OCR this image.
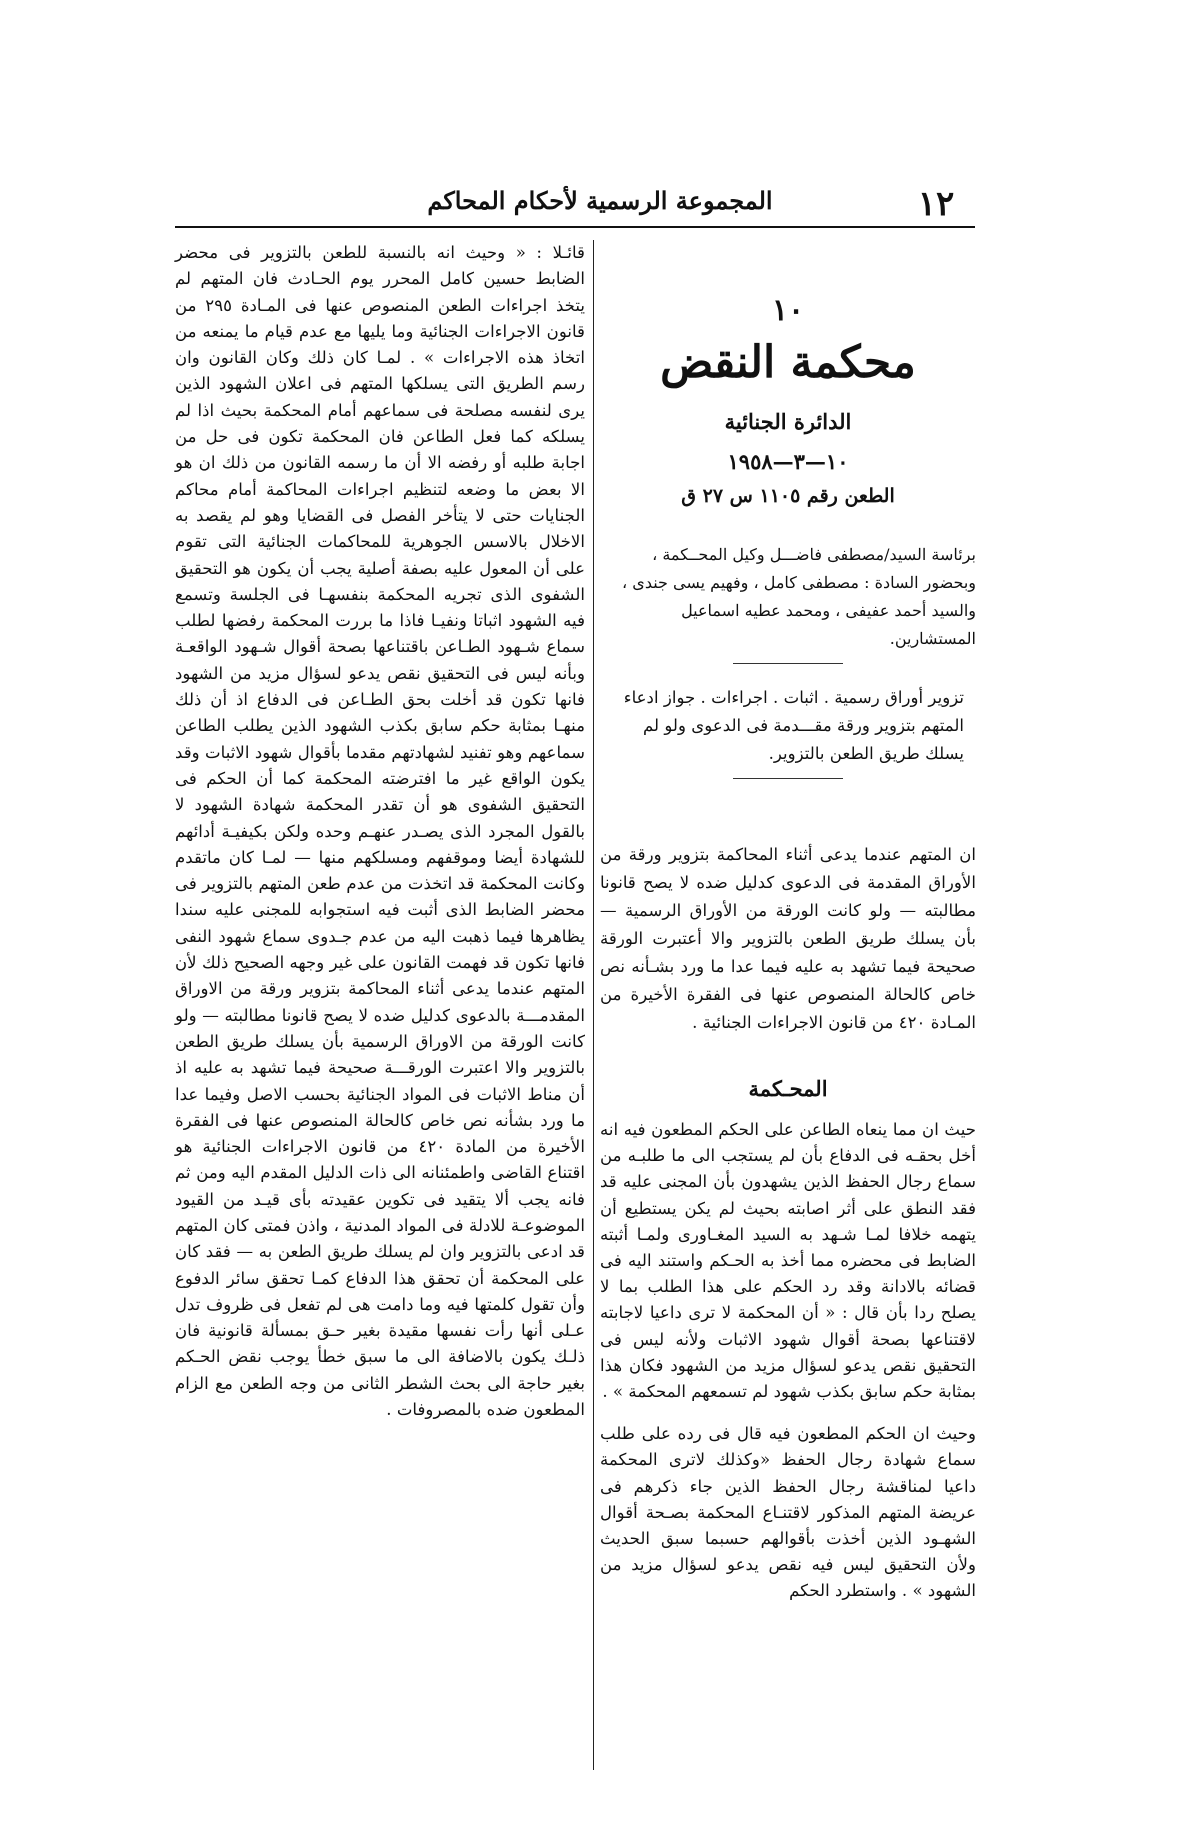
١٢
المجموعة الرسمية لأحكام المحاكم
١٠
محكمة النقض
الدائرة الجنائية
١٠—٣—١٩٥٨
الطعن رقم ١١٠٥ س ٢٧ ق
برئاسة السيد/مصطفى فاضـــل وكيل المحــكمة ، وبحضور السادة : مصطفى كامل ، وفهيم يسى جندى ، والسيد أحمد عفيفى ، ومحمد عطيه اسماعيل المستشارين.
تزوير أوراق رسمية . اثبات . اجراءات . جواز ادعاء المتهم بتزوير ورقة مقـــدمة فى الدعوى ولو لم يسلك طريق الطعن بالتزوير.
ان المتهم عندما يدعى أثناء المحاكمة بتزوير ورقة من الأوراق المقدمة فى الدعوى كدليل ضده لا يصح قانونا مطالبته — ولو كانت الورقة من الأوراق الرسمية — بأن يسلك طريق الطعن بالتزوير والا أعتبرت الورقة صحيحة فيما تشهد به عليه فيما عدا ما ورد بشـأنه نص خاص كالحالة المنصوص عنها فى الفقرة الأخيرة من المـادة ٤٢٠ من قانون الاجراءات الجنائية .
المحـكمة

حيث ان مما ينعاه الطاعن على الحكم المطعون فيه انه أخل بحقـه فى الدفاع بأن لم يستجب الى ما طلبـه من سماع رجال الحفظ الذين يشهدون بأن المجنى عليه قد فقد النطق على أثر اصابته بحيث لم يكن يستطيع أن يتهمه خلافا لمـا شـهد به السيد المغـاورى ولمـا أثبته الضابط فى محضره مما أخذ به الحـكم واستند اليه فى قضائه بالادانة وقد رد الحكم على هذا الطلب بما لا يصلح ردا بأن قال : « أن المحكمة لا ترى داعيا لاجابته لاقتناعها بصحة أقوال شهود الاثبات ولأنه ليس فى التحقيق نقص يدعو لسؤال مزيد من الشهود فكان هذا بمثابة حكم سابق بكذب شهود لم تسمعهم المحكمة » .

وحيث ان الحكم المطعون فيه قال فى رده على طلب سماع شهادة رجال الحفظ «وكذلك لاترى المحكمة داعيا لمناقشة رجال الحفظ الذين جاء ذكرهم فى عريضة المتهم المذكور لاقتنـاع المحكمة بصـحة أقوال الشهـود الذين أخذت بأقوالهم حسبما سبق الحديث ولأن التحقيق ليس فيه نقص يدعو لسؤال مزيد من الشهود » . واستطرد الحكم

قائـلا : « وحيث انه بالنسبة للطعن بالتزوير فى محضر الضابط حسين كامل المحرر يوم الحـادث فان المتهم لم يتخذ اجراءات الطعن المنصوص عنها فى المـادة ٢٩٥ من قانون الاجراءات الجنائية وما يليها مع عدم قيام ما يمنعه من اتخاذ هذه الاجراءات » . لمـا كان ذلك وكان القانون وان رسم الطريق التى يسلكها المتهم فى اعلان الشهود الذين يرى لنفسه مصلحة فى سماعهم أمام المحكمة بحيث اذا لم يسلكه كما فعل الطاعن فان المحكمة تكون فى حل من اجابة طلبه أو رفضه الا أن ما رسمه القانون من ذلك ان هو الا بعض ما وضعه لتنظيم اجراءات المحاكمة أمام محاكم الجنايات حتى لا يتأخر الفصل فى القضايا وهو لم يقصد به الاخلال بالاسس الجوهرية للمحاكمات الجنائية التى تقوم على أن المعول عليه بصفة أصلية يجب أن يكون هو التحقيق الشفوى الذى تجريه المحكمة بنفسهـا فى الجلسة وتسمع فيه الشهود اثباتا ونفيـا فاذا ما بررت المحكمة رفضها لطلب سماع شـهود الطـاعن باقتناعها بصحة أقوال شـهود الواقعـة وبأنه ليس فى التحقيق نقص يدعو لسؤال مزيد من الشهود فانها تكون قد أخلت بحق الطـاعن فى الدفاع اذ أن ذلك منهـا بمثابة حكم سابق بكذب الشهود الذين يطلب الطاعن سماعهم وهو تفنيد لشهادتهم مقدما بأقوال شهود الاثبات وقد يكون الواقع غير ما افترضته المحكمة كما أن الحكم فى التحقيق الشفوى هو أن تقدر المحكمة شهادة الشهود لا بالقول المجرد الذى يصـدر عنهـم وحده ولكن بكيفيـة أدائهم للشهادة أيضا وموقفهم ومسلكهم منها — لمـا كان ماتقدم وكانت المحكمة قد اتخذت من عدم طعن المتهم بالتزوير فى محضر الضابط الذى أثبت فيه استجوابه للمجنى عليه سندا يظاهرها فيما ذهبت اليه من عدم جـدوى سماع شهود النفى فانها تكون قد فهمت القانون على غير وجهه الصحيح ذلك لأن المتهم عندما يدعى أثناء المحاكمة بتزوير ورقة من الاوراق المقدمـــة بالدعوى كدليل ضده لا يصح قانونا مطالبته — ولو كانت الورقة من الاوراق الرسمية بأن يسلك طريق الطعن بالتزوير والا اعتبرت الورقـــة صحيحة فيما تشهد به عليه اذ أن مناط الاثبات فى المواد الجنائية بحسب الاصل وفيما عدا ما ورد بشأنه نص خاص كالحالة المنصوص عنها فى الفقرة الأخيرة من المادة ٤٢٠ من قانون الاجراءات الجنائية هو اقتناع القاضى واطمئنانه الى ذات الدليل المقدم اليه ومن ثم فانه يجب ألا يتقيد فى تكوين عقيدته بأى قيـد من القيود الموضوعـة للادلة فى المواد المدنية ، واذن فمتى كان المتهم قد ادعى بالتزوير وان لم يسلك طريق الطعن به — فقد كان على المحكمة أن تحقق هذا الدفاع كمـا تحقق سائر الدفوع وأن تقول كلمتها فيه وما دامت هى لم تفعل فى ظروف تدل عـلى أنها رأت نفسها مقيدة بغير حـق بمسألة قانونية فان ذلـك يكون بالاضافة الى ما سبق خطأ يوجب نقض الحـكم بغير حاجة الى بحث الشطر الثانى من وجه الطعن مع الزام المطعون ضده بالمصروفات .
